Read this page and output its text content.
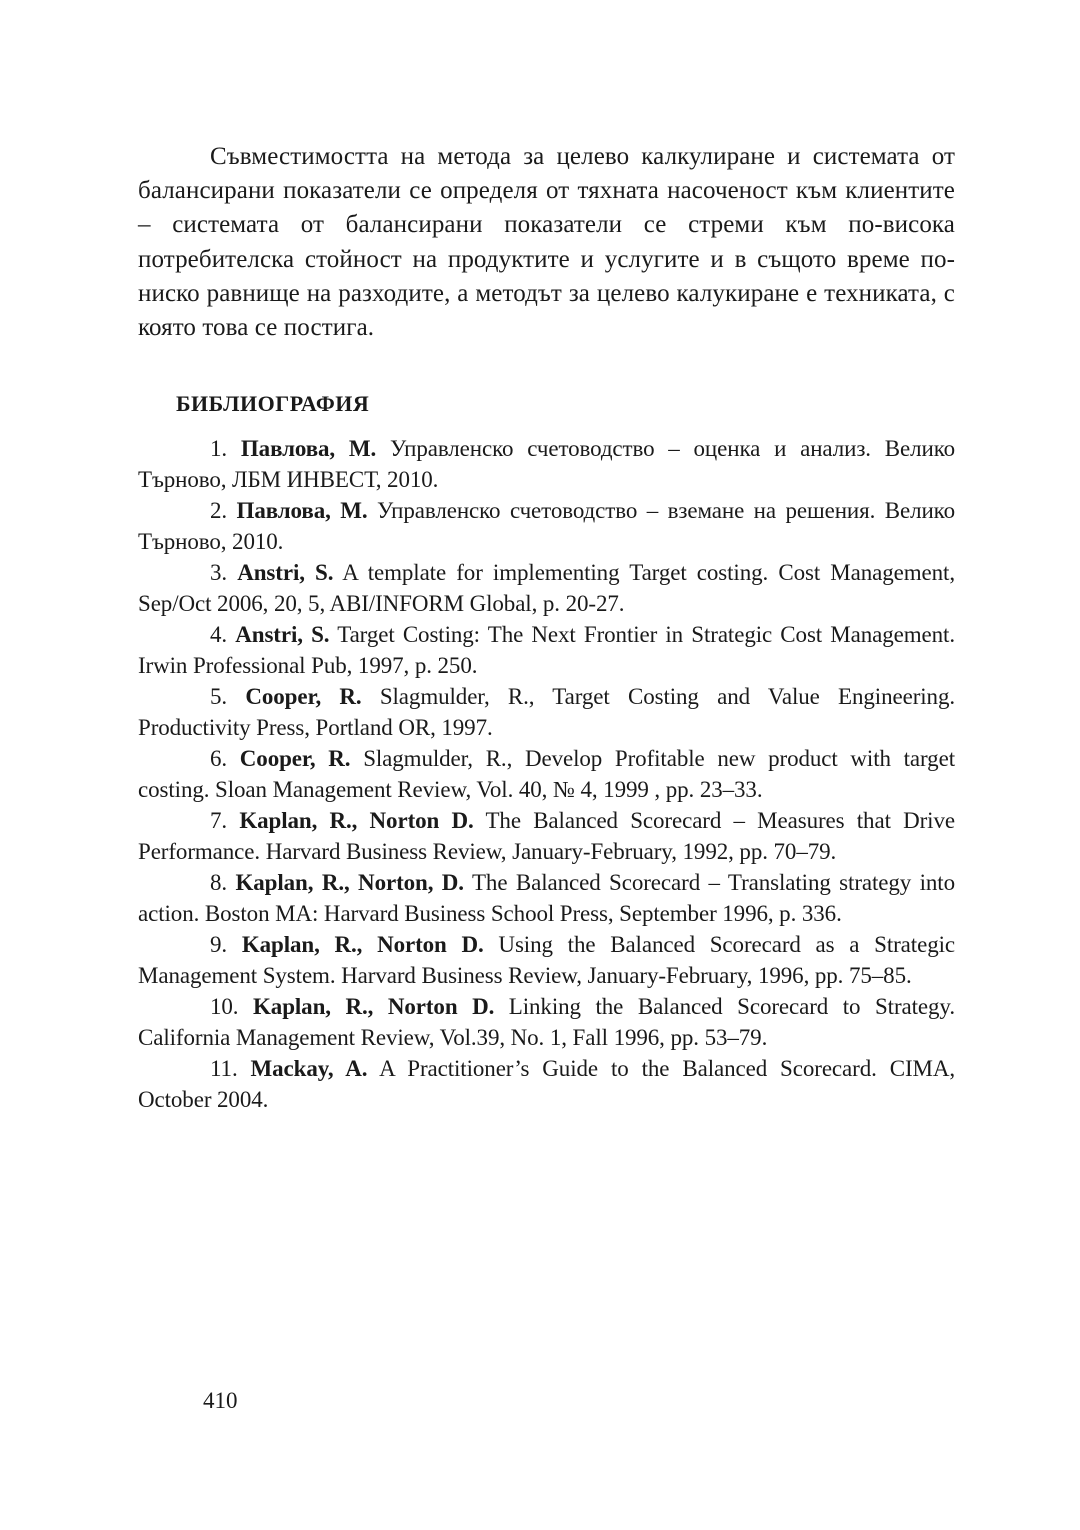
Съвместимостта на метода за целево калкулиране и системата от балансирани показатели се определя от тяхната насоченост към клиентите – системата от балансирани показатели се стреми към по-висока потребителска стойност на продуктите и услугите и в същото време по-ниско равнище на разходите, а методът за целево калукиране е техниката, с която това се постига.

БИБЛИОГРАФИЯ
1. Павлова, М. Управленско счетоводство – оценка и анализ. Велико Търново, ЛБМ ИНВЕСТ, 2010.
2. Павлова, М. Управленско счетоводство – вземане на решения. Велико Търново, 2010.
3. Anstri, S. A template for implementing Target costing. Cost Management, Sep/Oct 2006, 20, 5, ABI/INFORM Global, p. 20-27.
4. Anstri, S. Target Costing: The Next Frontier in Strategic Cost Management. Irwin Professional Pub, 1997, p. 250.
5. Cooper, R. Slagmulder, R., Target Costing and Value Engineering. Productivity Press, Portland OR, 1997.
6. Cooper, R. Slagmulder, R., Develop Profitable new product with target costing. Sloan Management Review, Vol. 40, № 4, 1999 , pp. 23–33.
7. Kaplan, R., Norton D. The Balanced Scorecard – Measures that Drive Performance. Harvard Business Review, January-February, 1992, pp. 70–79.
8. Kaplan, R., Norton, D. The Balanced Scorecard – Translating strategy into action. Boston MA: Harvard Business School Press, September 1996, p. 336.
9. Kaplan, R., Norton D. Using the Balanced Scorecard as a Strategic Management System. Harvard Business Review, January-February, 1996, pp. 75–85.
10. Kaplan, R., Norton D. Linking the Balanced Scorecard to Strategy. California Management Review, Vol.39, No. 1, Fall 1996, pp. 53–79.
11. Mackay, A. A Practitioner’s Guide to the Balanced Scorecard. CIMA, October 2004.
410
